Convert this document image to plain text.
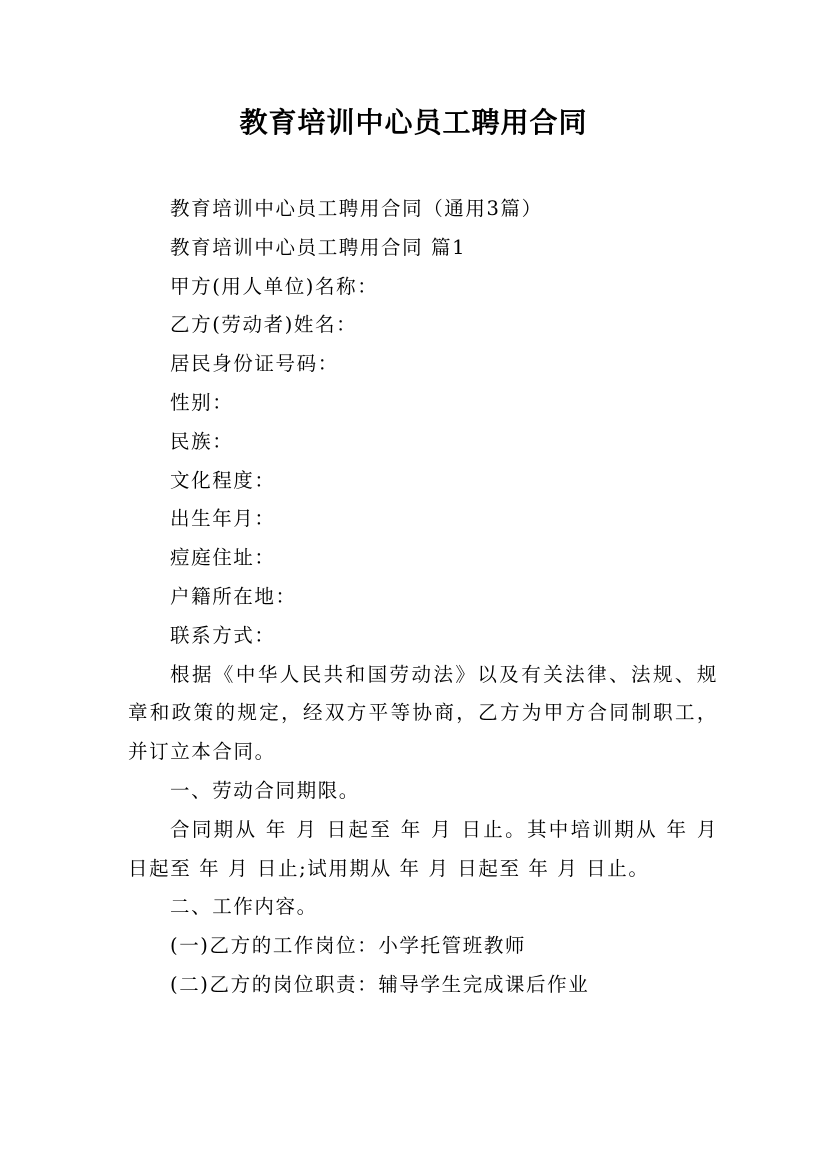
教育培训中心员工聘用合同

教育培训中心员工聘用合同（通用3篇）

教育培训中心员工聘用合同 篇1

甲方(用人单位)名称：

乙方(劳动者)姓名：

居民身份证号码：

性别：

民族：

文化程度：

出生年月：

痘庭住址：

户籍所在地：

联系方式：

根据《中华人民共和国劳动法》以及有关法律、法规、规章和政策的规定，经双方平等协商，乙方为甲方合同制职工，并订立本合同。

一、劳动合同期限。

合同期从 年 月 日起至 年 月 日止。其中培训期从 年 月 日起至 年 月 日止;试用期从 年 月 日起至 年 月 日止。

二、工作内容。

(一)乙方的工作岗位：小学托管班教师

(二)乙方的岗位职责：辅导学生完成课后作业
